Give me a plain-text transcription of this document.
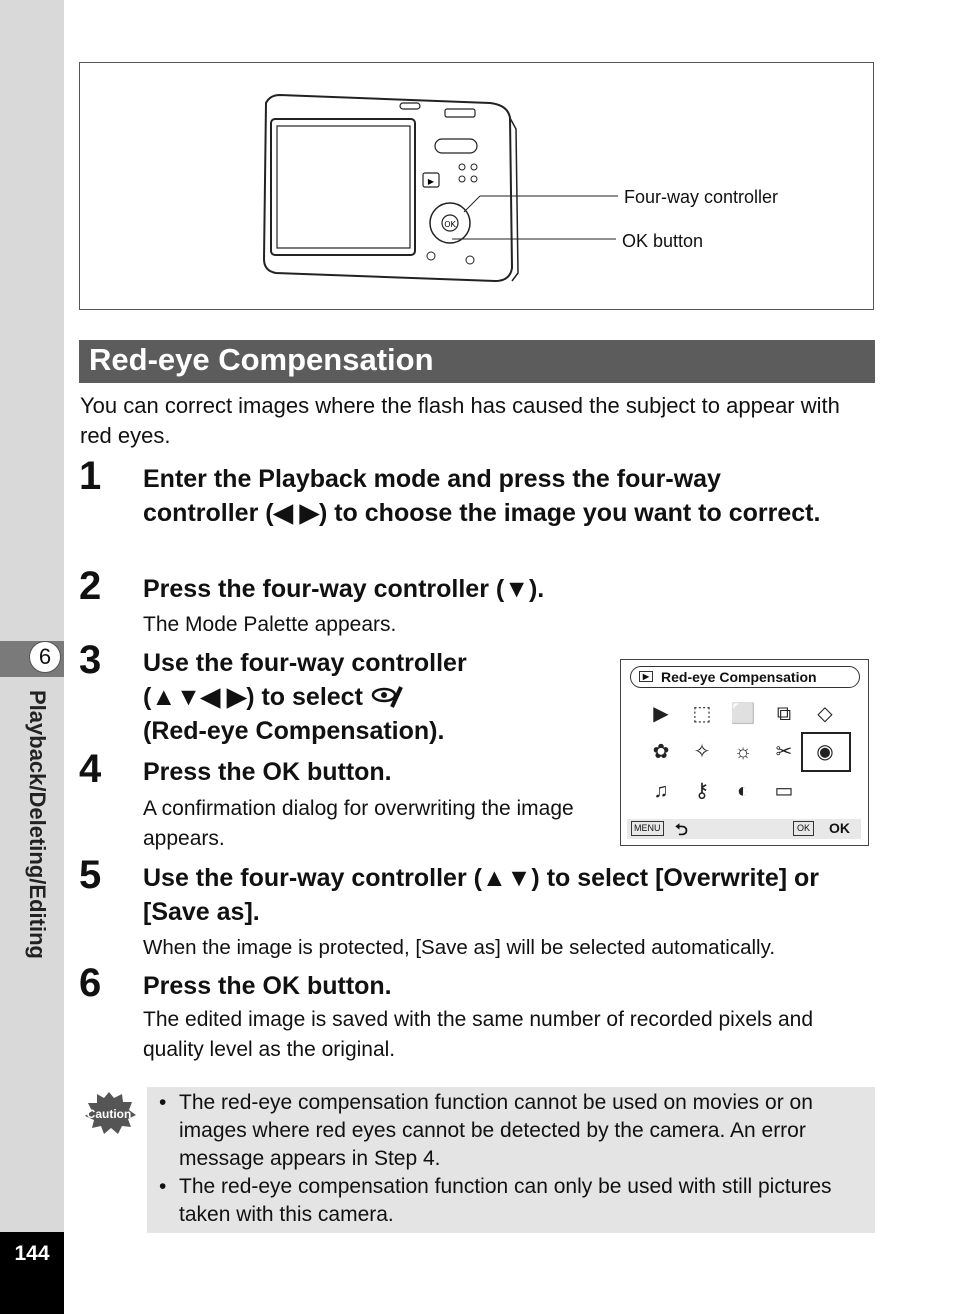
6
Playback/Deleting/Editing
144
▶
OK
Four-way controller
OK button
Red-eye Compensation
You can correct images where the flash has caused the subject to appear with red eyes.
1 Enter the Playback mode and press the four-way controller (◀ ▶) to choose the image you want to correct.
2 Press the four-way controller (▼).
The Mode Palette appears.
3 Use the four-way controller (▲▼◀ ▶) to select
(Red-eye Compensation).
4 Press the OK button.
A confirmation dialog for overwriting the image appears.
5 Use the four-way controller (▲▼) to select [Overwrite] or [Save as].
When the image is protected, [Save as] will be selected automatically.
6 Press the OK button.
The edited image is saved with the same number of recorded pixels and quality level as the original.
▶ Red-eye Compensation
MENU ⮌	OK OK
▶	⬚ ⬜	⧉	◇
✿	✧	☼	✂	◉
♫	⚷	◐	▭
Caution • The red-eye compensation function cannot be used on movies or on images where red eyes cannot be detected by the camera. An error message appears in Step 4.
• The red-eye compensation function can only be used with still pictures taken with this camera.
